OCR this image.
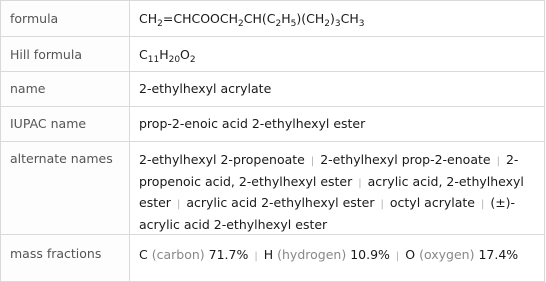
formula	$CH_2=CHCOOCH_2CH(C_2H_5)(CH_2)_3CH_3$

Hill formula	$C_{11}H_{20}O_2$

name	2-ethylhexyl acrylate

IUPAC name	prop-2-enoic acid 2-ethylhexyl ester

alternate names	2-ethylhexyl 2-propenoate | 2-ethylhexyl prop-2-enoate | 2-propenoic acid, 2-ethylhexyl ester | acrylic acid, 2-ethylhexyl ester | acrylic acid 2-ethylhexyl ester | octyl acrylate | (±)-acrylic acid 2-ethylhexyl ester

mass fractions	C (carbon) 71.7% | H (hydrogen) 10.9% | O (oxygen) 17.4%
